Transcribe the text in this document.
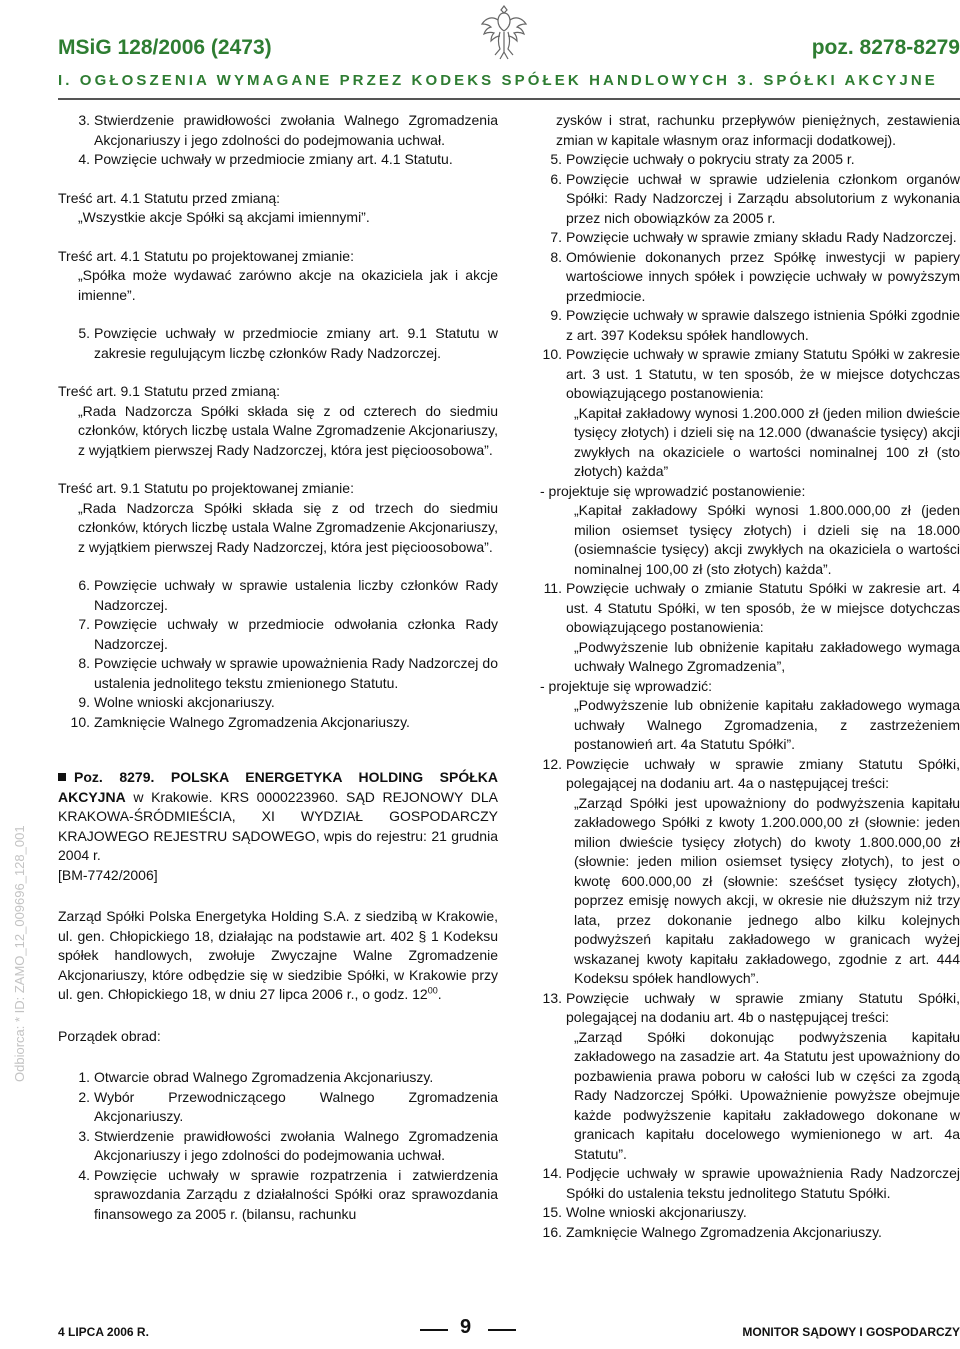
MSiG 128/2006 (2473)	poz. 8278-8279
I. OGŁOSZENIA WYMAGANE PRZEZ KODEKS SPÓŁEK HANDLOWYCH 3. SPÓŁKI AKCYJNE
Odbiorca: * ID: ZAMO_12_009696_128_001
3. Stwierdzenie prawidłowości zwołania Walnego Zgromadzenia Akcjonariuszy i jego zdolności do podejmowania uchwał.
4. Powzięcie uchwały w przedmiocie zmiany art. 4.1 Statutu.

Treść art. 4.1 Statutu przed zmianą:

„Wszystkie akcje Spółki są akcjami imiennymi”.

Treść art. 4.1 Statutu po projektowanej zmianie:

„Spółka może wydawać zarówno akcje na okaziciela jak i akcje imienne”.

5. Powzięcie uchwały w przedmiocie zmiany art. 9.1 Statutu w zakresie regulującym liczbę członków Rady Nadzorczej.

Treść art. 9.1 Statutu przed zmianą:

„Rada Nadzorcza Spółki składa się z od czterech do siedmiu członków, których liczbę ustala Walne Zgromadzenie Akcjonariuszy, z wyjątkiem pierwszej Rady Nadzorczej, która jest pięcioosobowa”.

Treść art. 9.1 Statutu po projektowanej zmianie:

„Rada Nadzorcza Spółki składa się z od trzech do siedmiu członków, których liczbę ustala Walne Zgromadzenie Akcjonariuszy, z wyjątkiem pierwszej Rady Nadzorczej, która jest pięcioosobowa”.

6. Powzięcie uchwały w sprawie ustalenia liczby członków Rady Nadzorczej.
7. Powzięcie uchwały w przedmiocie odwołania członka Rady Nadzorczej.
8. Powzięcie uchwały w sprawie upoważnienia Rady Nadzorczej do ustalenia jednolitego tekstu zmienionego Statutu.
9. Wolne wnioski akcjonariuszy.
10. Zamknięcie Walnego Zgromadzenia Akcjonariuszy.

Poz. 8279. POLSKA ENERGETYKA HOLDING SPÓŁKA AKCYJNA w Krakowie. KRS 0000223960. SĄD REJONOWY DLA KRAKOWA-ŚRÓDMIEŚCIA, XI WYDZIAŁ GOSPODARCZY KRAJOWEGO REJESTRU SĄDOWEGO, wpis do rejestru: 21 grudnia 2004 r.

[BM-7742/2006]

Zarząd Spółki Polska Energetyka Holding S.A. z siedzibą w Krakowie, ul. gen. Chłopickiego 18, działając na podstawie art. 402 § 1 Kodeksu spółek handlowych, zwołuje Zwyczajne Walne Zgromadzenie Akcjonariuszy, które odbędzie się w siedzibie Spółki, w Krakowie przy ul. gen. Chłopickiego 18, w dniu 27 lipca 2006 r., o godz. $12^{00}$.

Porządek obrad:

1. Otwarcie obrad Walnego Zgromadzenia Akcjonariuszy.
2. Wybór Przewodniczącego Walnego Zgromadzenia Akcjonariuszy.
3. Stwierdzenie prawidłowości zwołania Walnego Zgromadzenia Akcjonariuszy i jego zdolności do podejmowania uchwał.
4. Powzięcie uchwały w sprawie rozpatrzenia i zatwierdzenia sprawozdania Zarządu z działalności Spółki oraz sprawozdania finansowego za 2005 r. (bilansu, rachunku

zysków i strat, rachunku przepływów pieniężnych, zestawienia zmian w kapitale własnym oraz informacji dodatkowej).

5. Powzięcie uchwały o pokryciu straty za 2005 r.
6. Powzięcie uchwał w sprawie udzielenia członkom organów Spółki: Rady Nadzorczej i Zarządu absolutorium z wykonania przez nich obowiązków za 2005 r.
7. Powzięcie uchwały w sprawie zmiany składu Rady Nadzorczej.
8. Omówienie dokonanych przez Spółkę inwestycji w papiery wartościowe innych spółek i powzięcie uchwały w powyższym przedmiocie.
9. Powzięcie uchwały w sprawie dalszego istnienia Spółki zgodnie z art. 397 Kodeksu spółek handlowych.
10. Powzięcie uchwały w sprawie zmiany Statutu Spółki w zakresie art. 3 ust. 1 Statutu, w ten sposób, że w miejsce dotychczas obowiązującego postanowienia:

„Kapitał zakładowy wynosi 1.200.000 zł (jeden milion dwieście tysięcy złotych) i dzieli się na 12.000 (dwanaście tysięcy) akcji zwykłych na okaziciele o wartości nominalnej 100 zł (sto złotych) każda”

- projektuje się wprowadzić postanowienie:

„Kapitał zakładowy Spółki wynosi 1.800.000,00 zł (jeden milion osiemset tysięcy złotych) i dzieli się na 18.000 (osiemnaście tysięcy) akcji zwykłych na okaziciela o wartości nominalnej 100,00 zł (sto złotych) każda”.

11. Powzięcie uchwały o zmianie Statutu Spółki w zakresie art. 4 ust. 4 Statutu Spółki, w ten sposób, że w miejsce dotychczas obowiązującego postanowienia:

„Podwyższenie lub obniżenie kapitału zakładowego wymaga uchwały Walnego Zgromadzenia”,

- projektuje się wprowadzić:

„Podwyższenie lub obniżenie kapitału zakładowego wymaga uchwały Walnego Zgromadzenia, z zastrzeżeniem postanowień art. 4a Statutu Spółki”.

12. Powzięcie uchwały w sprawie zmiany Statutu Spółki, polegającej na dodaniu art. 4a o następującej treści:

„Zarząd Spółki jest upoważniony do podwyższenia kapitału zakładowego Spółki z kwoty 1.200.000,00 zł (słownie: jeden milion dwieście tysięcy złotych) do kwoty 1.800.000,00 zł (słownie: jeden milion osiemset tysięcy złotych), to jest o kwotę 600.000,00 zł (słownie: sześćset tysięcy złotych), poprzez emisję nowych akcji, w okresie nie dłuższym niż trzy lata, przez dokonanie jednego albo kilku kolejnych podwyższeń kapitału zakładowego w granicach wyżej wskazanej kwoty kapitału zakładowego, zgodnie z art. 444 Kodeksu spółek handlowych”.

13. Powzięcie uchwały w sprawie zmiany Statutu Spółki, polegającej na dodaniu art. 4b o następującej treści:

„Zarząd Spółki dokonując podwyższenia kapitału zakładowego na zasadzie art. 4a Statutu jest upoważniony do pozbawienia prawa poboru w całości lub w części za zgodą Rady Nadzorczej Spółki. Upoważnienie powyższe obejmuje każde podwyższenie kapitału zakładowego dokonane w granicach kapitału docelowego wymienionego w art. 4a Statutu”.

14. Podjęcie uchwały w sprawie upoważnienia Rady Nadzorczej Spółki do ustalenia tekstu jednolitego Statutu Spółki.
15. Wolne wnioski akcjonariuszy.
16. Zamknięcie Walnego Zgromadzenia Akcjonariuszy.
4 LIPCA 2006 R.	9	MONITOR SĄDOWY I GOSPODARCZY
